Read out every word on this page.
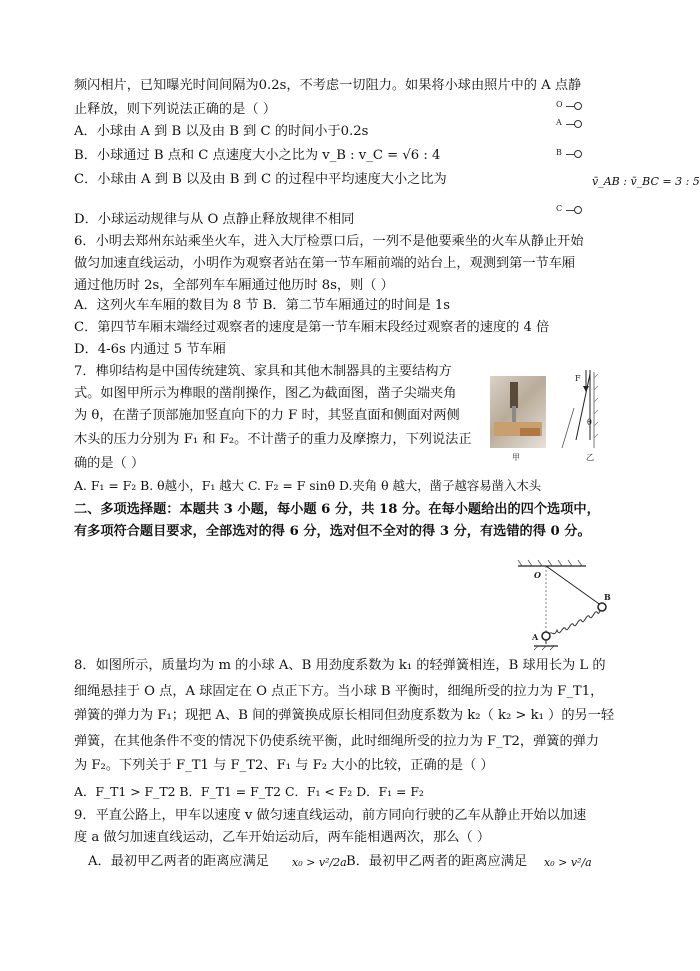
频闪相片，已知曝光时间间隔为0.2s，不考虑一切阻力。如果将小球由照片中的 A 点静
止释放，则下列说法正确的是（ ）
A．小球由 A 到 B 以及由 B 到 C 的时间小于0.2s
B．小球通过 B 点和 C 点速度大小之比为 v_B : v_C = √6 : 4
C．小球由 A 到 B 以及由 B 到 C 的过程中平均速度大小之比为	v̄_AB : v̄_BC = 3 : 5
D．小球运动规律与从 O 点静止释放规律不相同
6．小明去郑州东站乘坐火车，进入大厅检票口后，一列不是他要乘坐的火车从静止开始
做匀加速直线运动，小明作为观察者站在第一节车厢前端的站台上，观测到第一节车厢
通过他历时 2s，全部列车车厢通过他历时 8s，则（ ）
A．这列火车车厢的数目为 8 节 B．第二节车厢通过的时间是 1s
C．第四节车厢末端经过观察者的速度是第一节车厢末段经过观察者的速度的 4 倍
D．4-6s 内通过 5 节车厢
7．榫卯结构是中国传统建筑、家具和其他木制器具的主要结构方
式。如图甲所示为榫眼的凿削操作，图乙为截面图，凿子尖端夹角
为 θ，在凿子顶部施加竖直向下的力 F 时，其竖直面和侧面对两侧
木头的压力分别为 F₁ 和 F₂。不计凿子的重力及摩擦力，下列说法正
确的是（ ）
A. F₁ = F₂ B. θ越小，F₁ 越大 C. F₂ = F sinθ D.夹角 θ 越大，凿子越容易凿入木头
二、多项选择题：本题共 3 小题，每小题 6 分，共 18 分。在每小题给出的四个选项中，
有多项符合题目要求，全部选对的得 6 分，选对但不全对的得 3 分，有选错的得 0 分。
8．如图所示，质量均为 m 的小球 A、B 用劲度系数为 k₁ 的轻弹簧相连，B 球用长为 L 的
细绳悬挂于 O 点，A 球固定在 O 点正下方。当小球 B 平衡时，细绳所受的拉力为 F_T1，
弹簧的弹力为 F₁；现把 A、B 间的弹簧换成原长相同但劲度系数为 k₂（ k₂ > k₁ ）的另一轻
弹簧，在其他条件不变的情况下仍使系统平衡，此时细绳所受的拉力为 F_T2，弹簧的弹力
为 F₂。下列关于 F_T1 与 F_T2、F₁ 与 F₂ 大小的比较，正确的是（ ）
A．F_T1 > F_T2 B．F_T1 = F_T2 C．F₁ < F₂ D．F₁ = F₂
9．平直公路上，甲车以速度 v 做匀速直线运动，前方同向行驶的乙车从静止开始以加速
度 a 做匀加速直线运动，乙车开始运动后，两车能相遇两次，那么（ ）
A．最初甲乙两者的距离应满足 x₀ > v²/2a B．最初甲乙两者的距离应满足 x₀ > v²/a
O
A
B
C
甲
F
θ
乙
O
B
A
